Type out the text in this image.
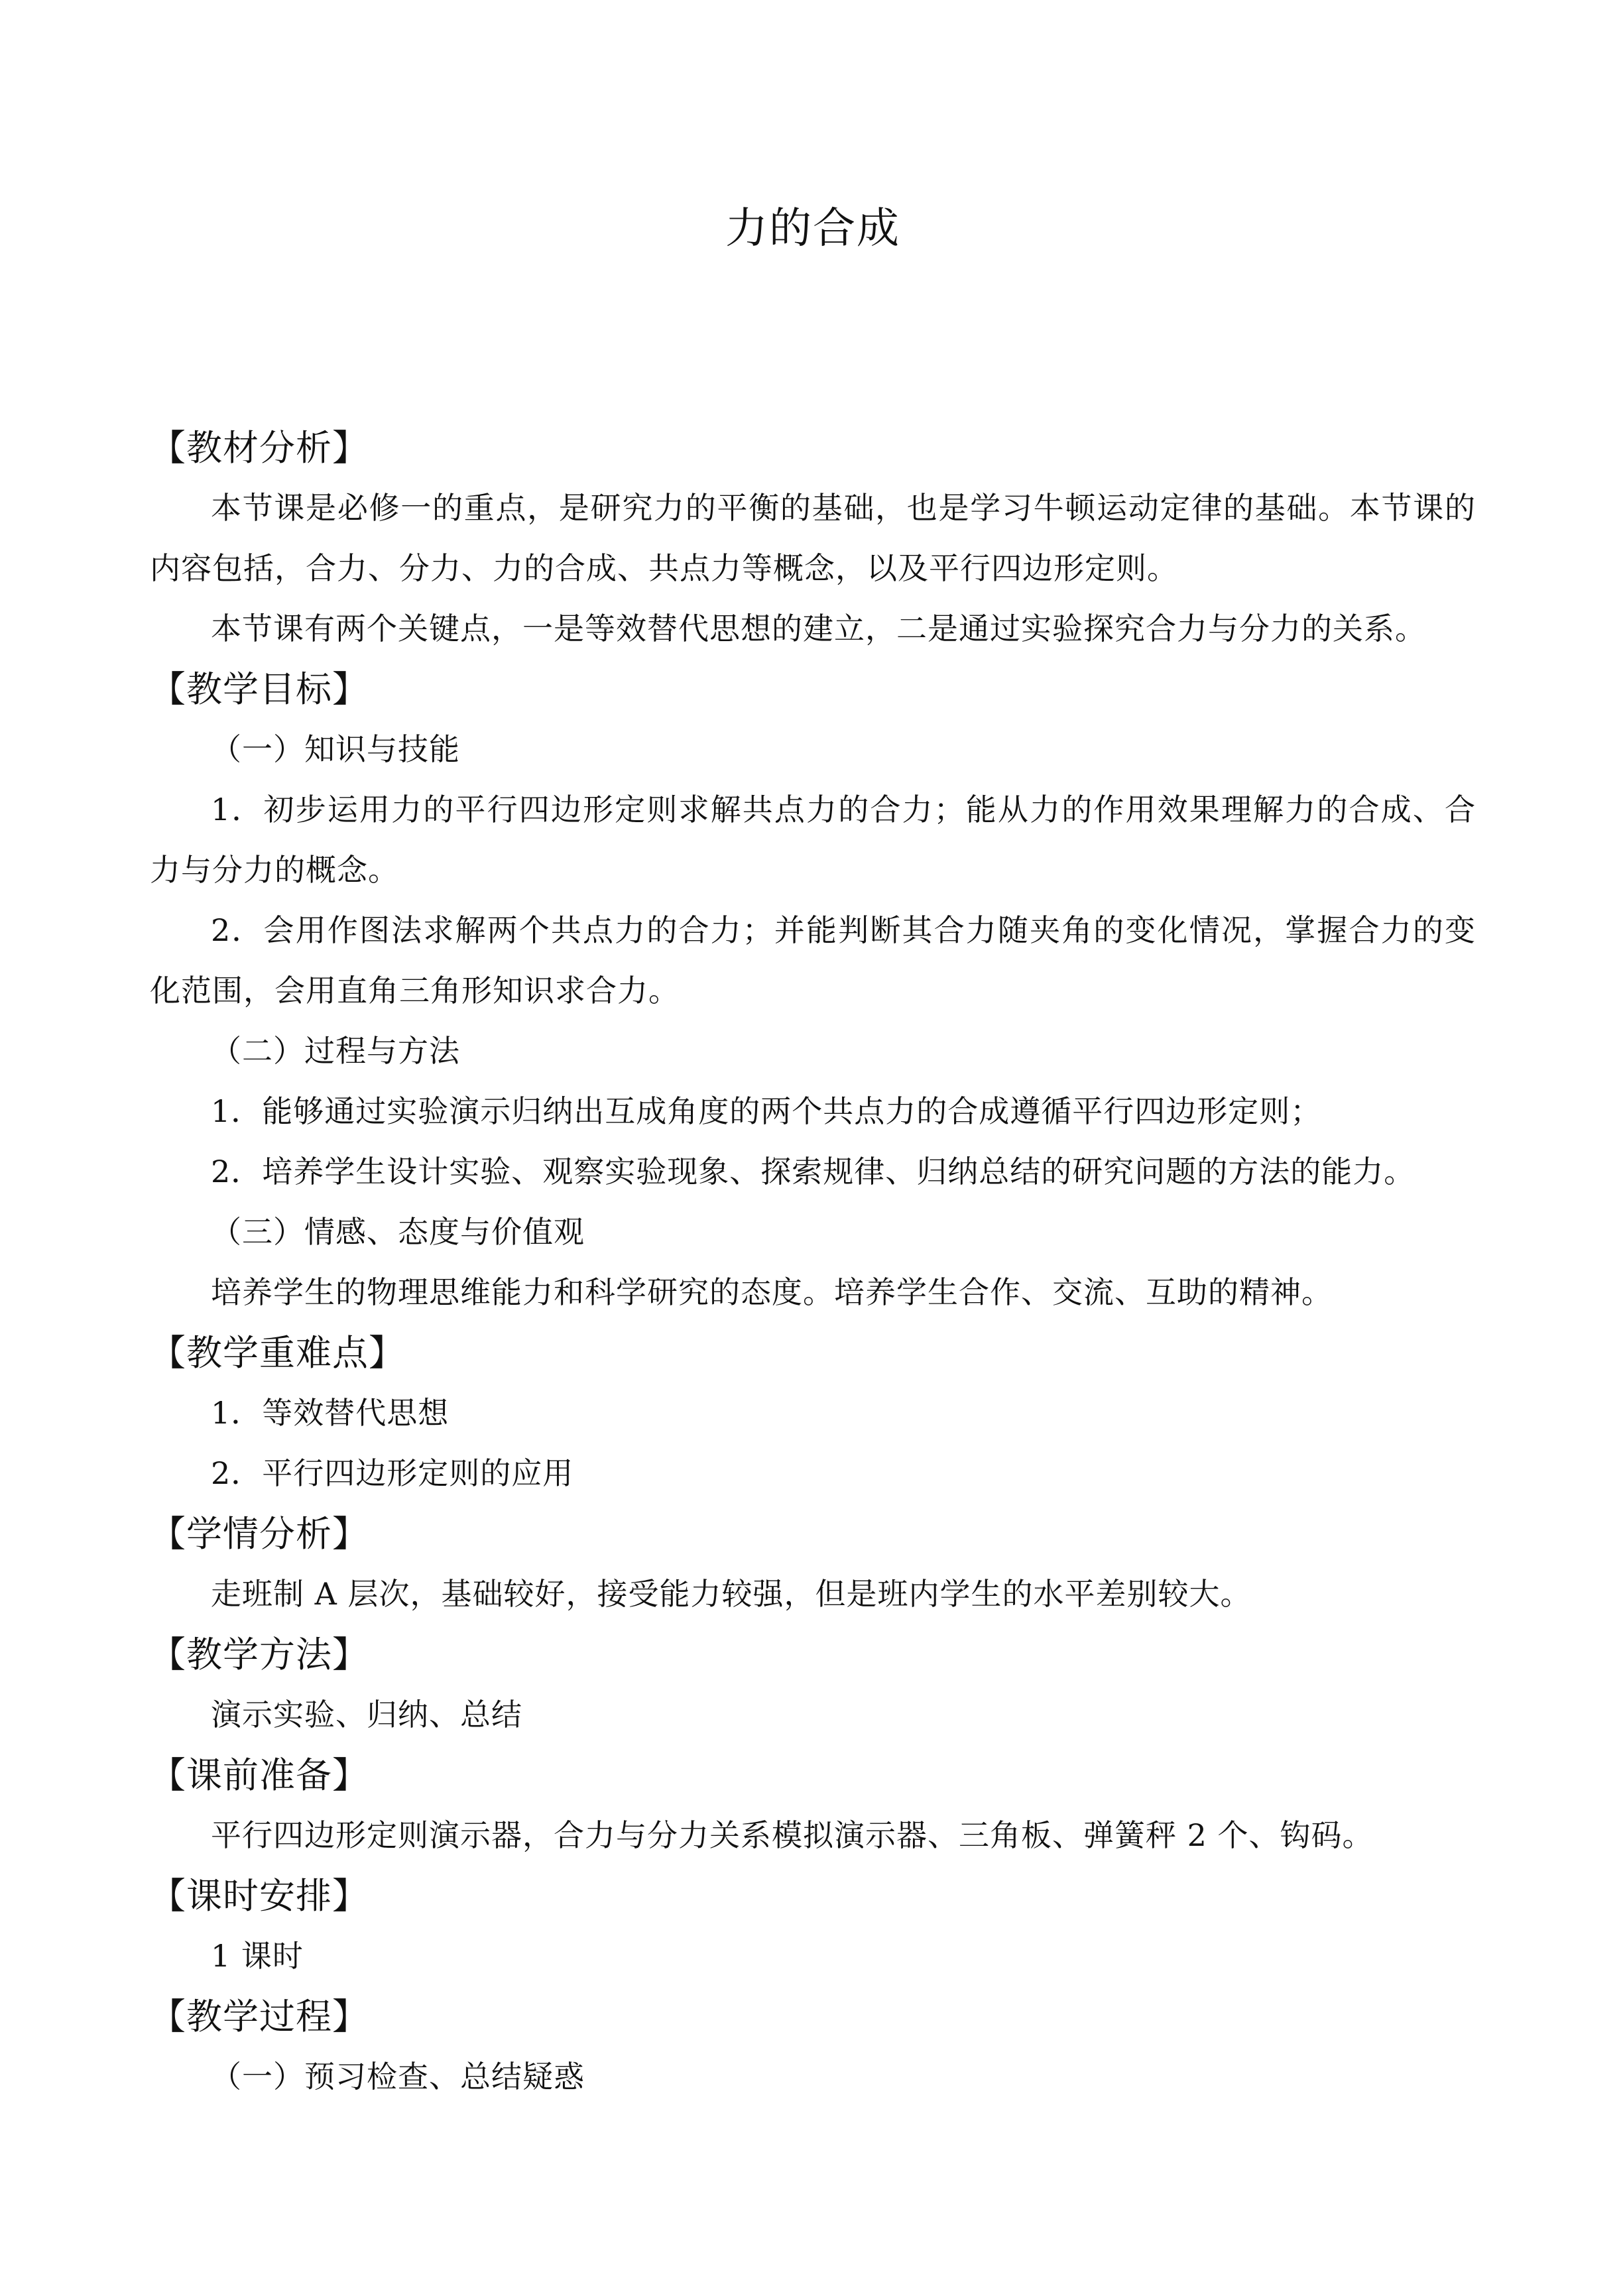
力的合成
【教材分析】

本节课是必修一的重点，是研究力的平衡的基础，也是学习牛顿运动定律的基础。本节课的内容包括，合力、分力、力的合成、共点力等概念，以及平行四边形定则。

本节课有两个关键点，一是等效替代思想的建立，二是通过实验探究合力与分力的关系。

【教学目标】

（一）知识与技能

1．初步运用力的平行四边形定则求解共点力的合力；能从力的作用效果理解力的合成、合力与分力的概念。

2．会用作图法求解两个共点力的合力；并能判断其合力随夹角的变化情况，掌握合力的变化范围，会用直角三角形知识求合力。

（二）过程与方法

1．能够通过实验演示归纳出互成角度的两个共点力的合成遵循平行四边形定则；

2．培养学生设计实验、观察实验现象、探索规律、归纳总结的研究问题的方法的能力。

（三）情感、态度与价值观

培养学生的物理思维能力和科学研究的态度。培养学生合作、交流、互助的精神。

【教学重难点】

1．等效替代思想

2．平行四边形定则的应用

【学情分析】

走班制 A 层次，基础较好，接受能力较强，但是班内学生的水平差别较大。

【教学方法】

演示实验、归纳、总结

【课前准备】

平行四边形定则演示器，合力与分力关系模拟演示器、三角板、弹簧秤 2 个、钩码。

【课时安排】

1 课时

【教学过程】

（一）预习检查、总结疑惑
